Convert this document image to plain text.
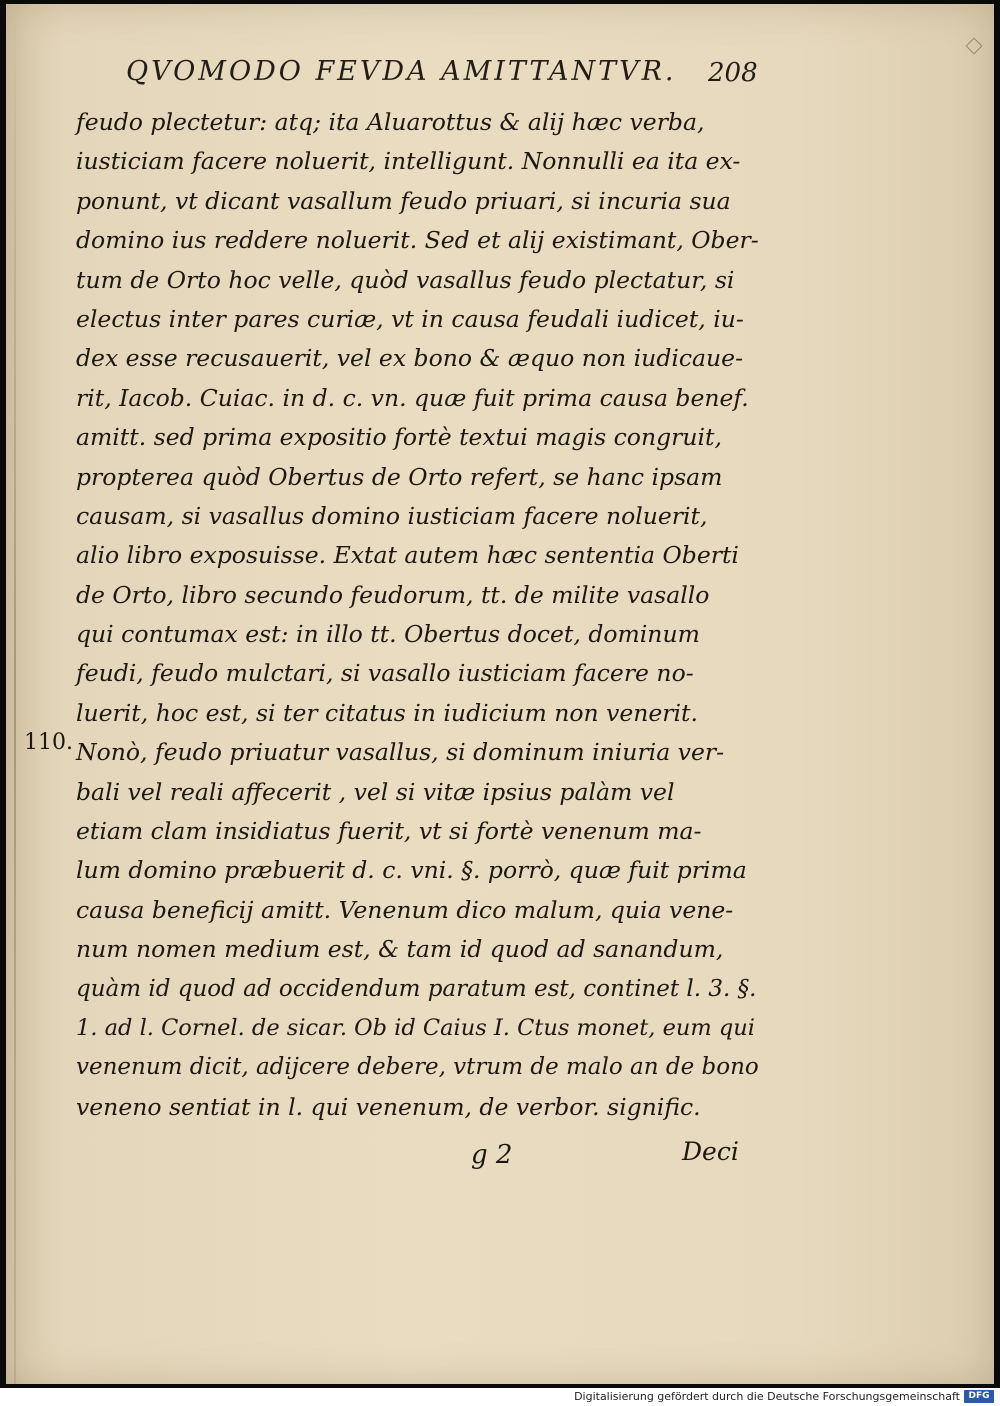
QVOMODO FEVDA AMITTANTVR. 208
110.
feudo plectetur: atq; ita Aluarottus & alij hæc verba,
iusticiam facere noluerit, intelligunt. Nonnulli ea ita ex-
ponunt, vt dicant vasallum feudo priuari, si incuria sua
domino ius reddere noluerit. Sed et alij existimant, Ober-
tum de Orto hoc velle, quòd vasallus feudo plectatur, si
electus inter pares curiæ, vt in causa feudali iudicet, iu-
dex esse recusauerit, vel ex bono & æquo non iudicaue-
rit, Iacob. Cuiac. in d. c. vn. quæ fuit prima causa benef.
amitt. sed prima expositio fortè textui magis congruit,
propterea quòd Obertus de Orto refert, se hanc ipsam
causam, si vasallus domino iusticiam facere noluerit,
alio libro exposuisse. Extat autem hæc sententia Oberti
de Orto, libro secundo feudorum, tt. de milite vasallo
qui contumax est: in illo tt. Obertus docet, dominum
feudi, feudo mulctari, si vasallo iusticiam facere no-
luerit, hoc est, si ter citatus in iudicium non venerit.
Nonò, feudo priuatur vasallus, si dominum iniuria ver-
bali vel reali affecerit , vel si vitæ ipsius palàm vel
etiam clam insidiatus fuerit, vt si fortè venenum ma-
lum domino præbuerit d. c. vni. §. porrò, quæ fuit prima
causa beneficij amitt. Venenum dico malum, quia vene-
num nomen medium est, & tam id quod ad sanandum,
quàm id quod ad occidendum paratum est, continet l. 3. §.
1. ad l. Cornel. de sicar. Ob id Caius I. Ctus monet, eum qui
venenum dicit, adijcere debere, vtrum de malo an de bono
veneno sentiat in l. qui venenum, de verbor. signific.
g 2	Deci
Digitalisierung gefördert durch die Deutsche Forschungsgemeinschaft DFG
